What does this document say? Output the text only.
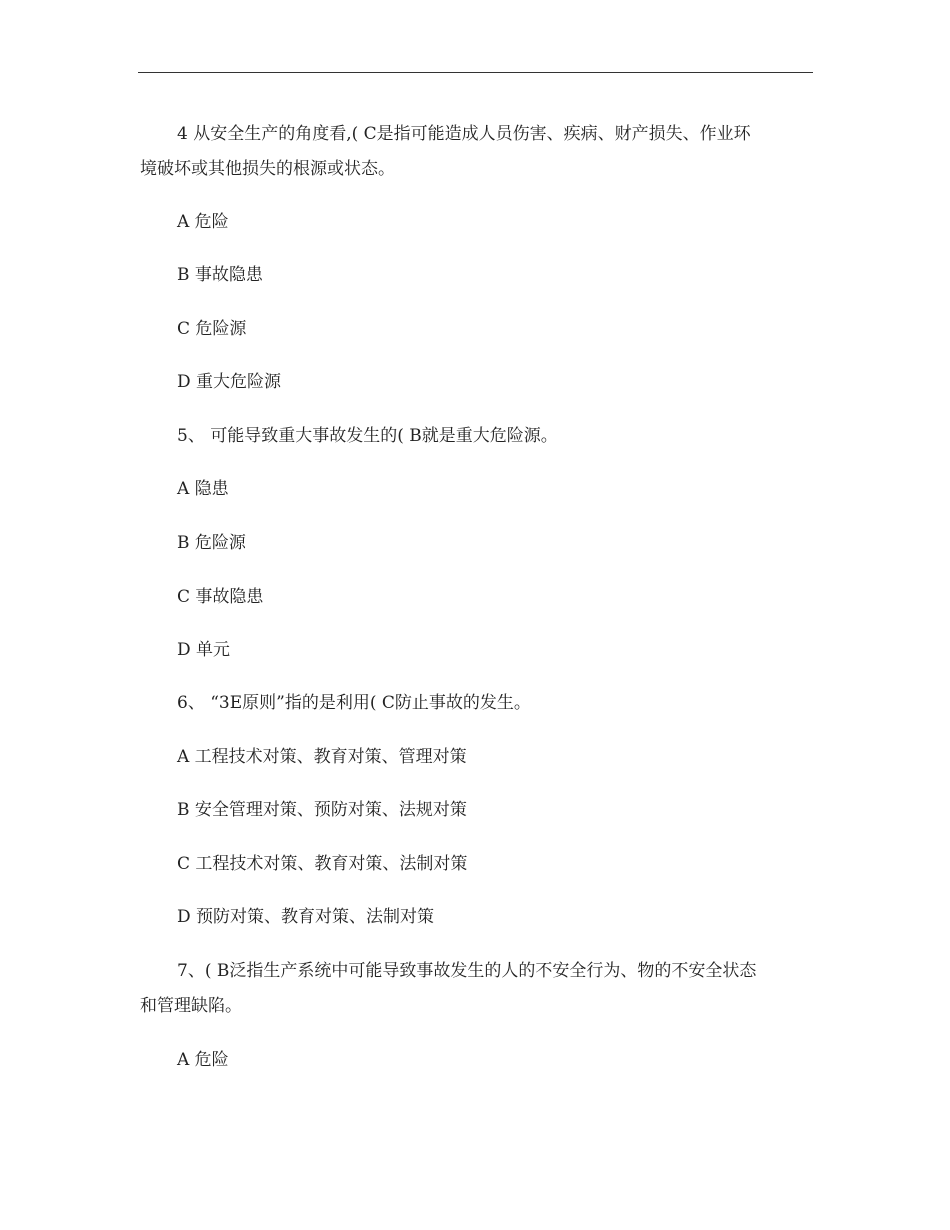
4 从安全生产的角度看,( C是指可能造成人员伤害、疾病、财产损失、作业环
境破坏或其他损失的根源或状态。
A 危险
B 事故隐患
C 危险源
D 重大危险源
5、 可能导致重大事故发生的( B就是重大危险源。
A 隐患
B 危险源
C 事故隐患
D 单元
6、 “3E原则”指的是利用( C防止事故的发生。
A 工程技术对策、教育对策、管理对策
B 安全管理对策、预防对策、法规对策
C 工程技术对策、教育对策、法制对策
D 预防对策、教育对策、法制对策
7、( B泛指生产系统中可能导致事故发生的人的不安全行为、物的不安全状态
和管理缺陷。
A 危险
